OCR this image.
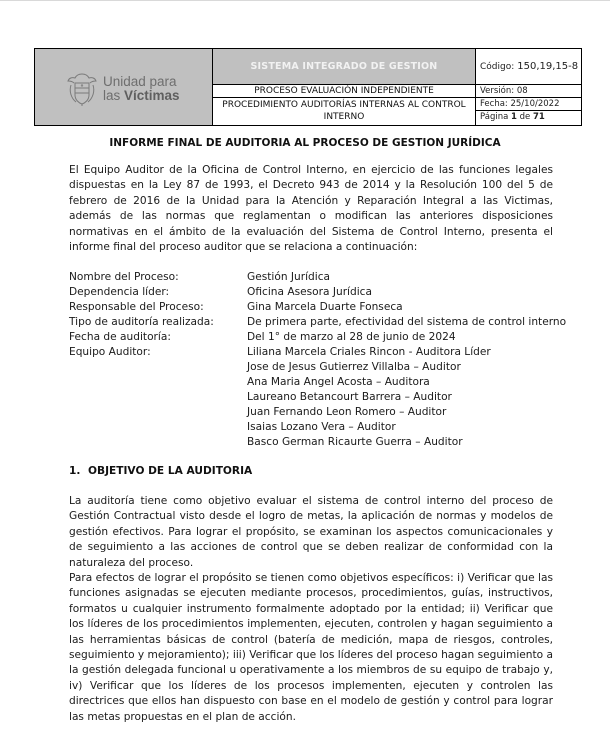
Unidad para
las Víctimas
SISTEMA INTEGRADO DE GESTION
PROCESO EVALUACIÓN INDEPENDIENTE
PROCEDIMIENTO AUDITORÍAS INTERNAS AL CONTROL INTERNO
Código: 150,19,15-8
Versión: 08
Fecha: 25/10/2022
Página 1 de 71
INFORME FINAL DE AUDITORIA AL PROCESO DE GESTION JURÍDICA
El Equipo Auditor de la Oficina de Control Interno, en ejercicio de las funciones legales dispuestas en la Ley 87 de 1993, el Decreto 943 de 2014 y la Resolución 100 del 5 de febrero de 2016 de la Unidad para la Atención y Reparación Integral a las Victimas, además de las normas que reglamentan o modifican las anteriores disposiciones normativas en el ámbito de la evaluación del Sistema de Control Interno, presenta el informe final del proceso auditor que se relaciona a continuación:
Nombre del Proceso:	Gestión Jurídica
Dependencia líder:	Oficina Asesora Jurídica
Responsable del Proceso:	Gina Marcela Duarte Fonseca
Tipo de auditoría realizada:	De primera parte, efectividad del sistema de control interno
Fecha de auditoría:	Del 1° de marzo al 28 de junio de 2024
Equipo Auditor:	Liliana Marcela Criales Rincon - Auditora Líder
Jose de Jesus Gutierrez Villalba – Auditor
Ana Maria Angel Acosta – Auditora
Laureano Betancourt Barrera – Auditor
Juan Fernando Leon Romero – Auditor
Isaias Lozano Vera – Auditor
Basco German Ricaurte Guerra – Auditor
1. OBJETIVO DE LA AUDITORIA
La auditoría tiene como objetivo evaluar el sistema de control interno del proceso de Gestión Contractual visto desde el logro de metas, la aplicación de normas y modelos de gestión efectivos. Para lograr el propósito, se examinan los aspectos comunicacionales y de seguimiento a las acciones de control que se deben realizar de conformidad con la naturaleza del proceso.
Para efectos de lograr el propósito se tienen como objetivos específicos: i) Verificar que las funciones asignadas se ejecuten mediante procesos, procedimientos, guías, instructivos, formatos u cualquier instrumento formalmente adoptado por la entidad; ii) Verificar que los líderes de los procedimientos implementen, ejecuten, controlen y hagan seguimiento a las herramientas básicas de control (batería de medición, mapa de riesgos, controles, seguimiento y mejoramiento); iii) Verificar que los líderes del proceso hagan seguimiento a la gestión delegada funcional u operativamente a los miembros de su equipo de trabajo y, iv) Verificar que los líderes de los procesos implementen, ejecuten y controlen las directrices que ellos han dispuesto con base en el modelo de gestión y control para lograr las metas propuestas en el plan de acción.
